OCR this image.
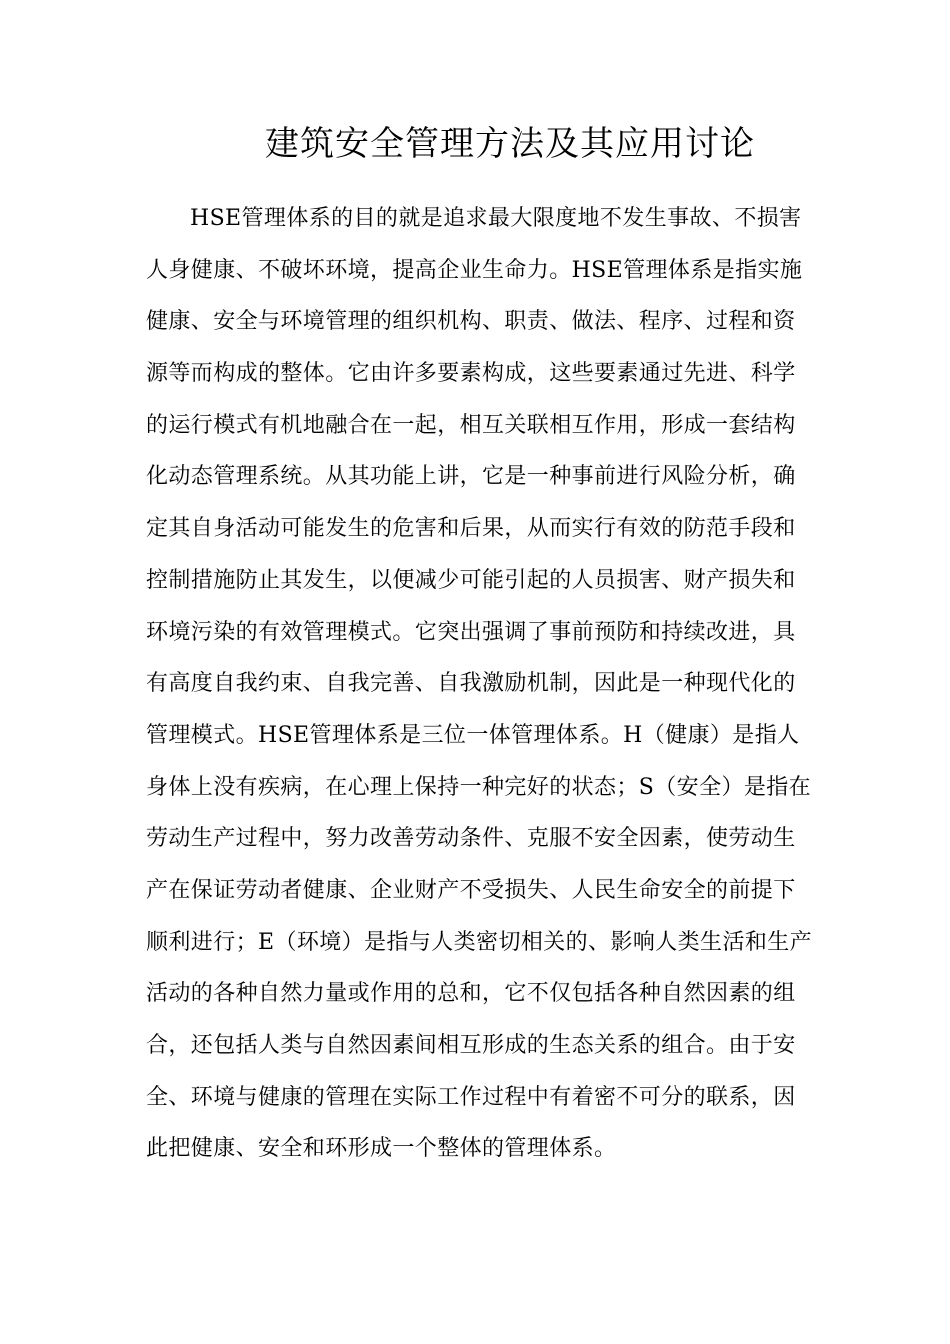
建筑安全管理方法及其应用讨论
HSE管理体系的目的就是追求最大限度地不发生事故、不损害
人身健康、不破坏环境，提高企业生命力。HSE管理体系是指实施
健康、安全与环境管理的组织机构、职责、做法、程序、过程和资
源等而构成的整体。它由许多要素构成，这些要素通过先进、科学
的运行模式有机地融合在一起，相互关联相互作用，形成一套结构
化动态管理系统。从其功能上讲，它是一种事前进行风险分析，确
定其自身活动可能发生的危害和后果，从而实行有效的防范手段和
控制措施防止其发生，以便减少可能引起的人员损害、财产损失和
环境污染的有效管理模式。它突出强调了事前预防和持续改进，具
有高度自我约束、自我完善、自我激励机制，因此是一种现代化的
管理模式。HSE管理体系是三位一体管理体系。H（健康）是指人
身体上没有疾病，在心理上保持一种完好的状态；S（安全）是指在
劳动生产过程中，努力改善劳动条件、克服不安全因素，使劳动生
产在保证劳动者健康、企业财产不受损失、人民生命安全的前提下
顺利进行；E（环境）是指与人类密切相关的、影响人类生活和生产
活动的各种自然力量或作用的总和，它不仅包括各种自然因素的组
合，还包括人类与自然因素间相互形成的生态关系的组合。由于安
全、环境与健康的管理在实际工作过程中有着密不可分的联系，因
此把健康、安全和环形成一个整体的管理体系。
